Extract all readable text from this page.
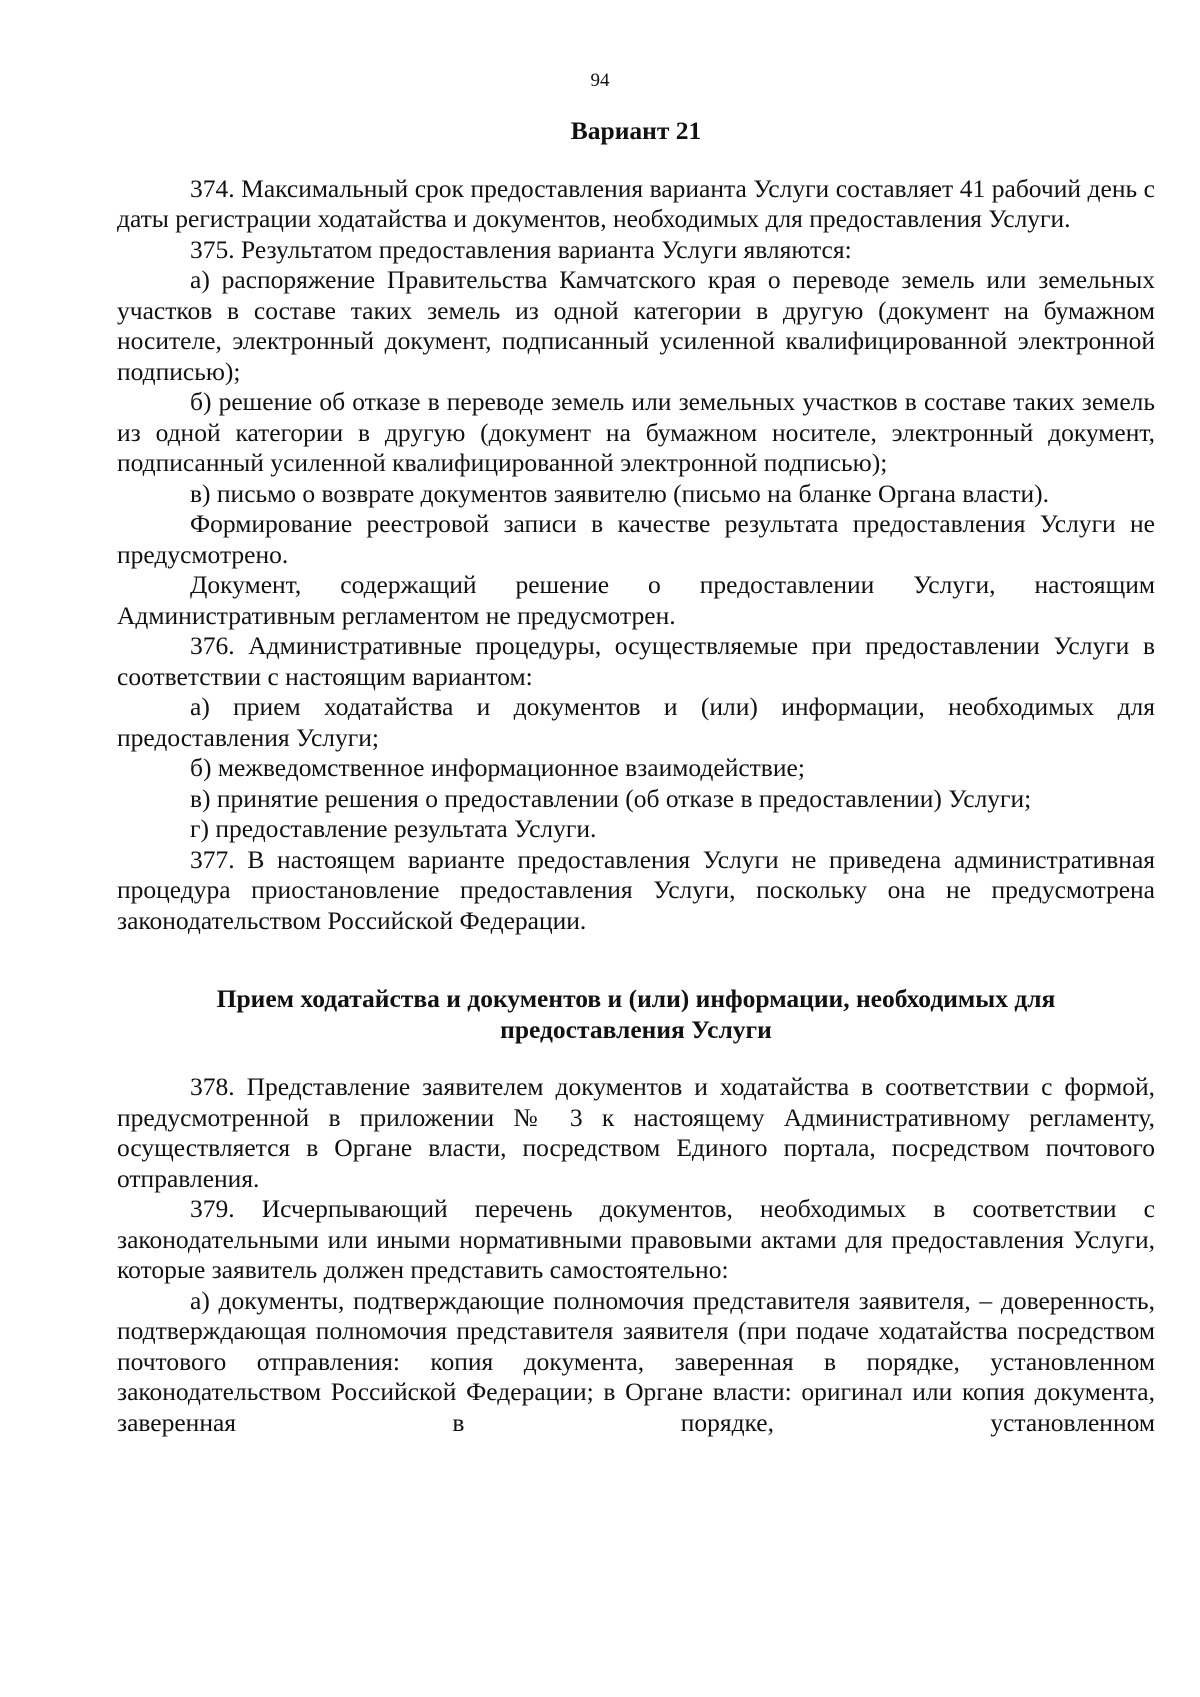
94

Вариант 21

374. Максимальный срок предоставления варианта Услуги составляет 41 рабочий день с даты регистрации ходатайства и документов, необходимых для предоставления Услуги.

375. Результатом предоставления варианта Услуги являются:

а) распоряжение Правительства Камчатского края о переводе земель или земельных участков в составе таких земель из одной категории в другую (документ на бумажном носителе, электронный документ, подписанный усиленной квалифицированной электронной подписью);

б) решение об отказе в переводе земель или земельных участков в составе таких земель из одной категории в другую (документ на бумажном носителе, электронный документ, подписанный усиленной квалифицированной электронной подписью);

в) письмо о возврате документов заявителю (письмо на бланке Органа власти).

Формирование реестровой записи в качестве результата предоставления Услуги не предусмотрено.

Документ, содержащий решение о предоставлении Услуги, настоящим Административным регламентом не предусмотрен.

376. Административные процедуры, осуществляемые при предоставлении Услуги в соответствии с настоящим вариантом:

а) прием ходатайства и документов и (или) информации, необходимых для предоставления Услуги;

б) межведомственное информационное взаимодействие;

в) принятие решения о предоставлении (об отказе в предоставлении) Услуги;

г) предоставление результата Услуги.

377. В настоящем варианте предоставления Услуги не приведена административная процедура приостановление предоставления Услуги, поскольку она не предусмотрена законодательством Российской Федерации.

Прием ходатайства и документов и (или) информации, необходимых для предоставления Услуги

378. Представление заявителем документов и ходатайства в соответствии с формой, предусмотренной в приложении № 3 к настоящему Административному регламенту, осуществляется в Органе власти, посредством Единого портала, посредством почтового отправления.

379. Исчерпывающий перечень документов, необходимых в соответствии с законодательными или иными нормативными правовыми актами для предоставления Услуги, которые заявитель должен представить самостоятельно:

а) документы, подтверждающие полномочия представителя заявителя, – доверенность, подтверждающая полномочия представителя заявителя (при подаче ходатайства посредством почтового отправления: копия документа, заверенная в порядке, установленном законодательством Российской Федерации; в Органе власти: оригинал или копия документа, заверенная в порядке, установленном
